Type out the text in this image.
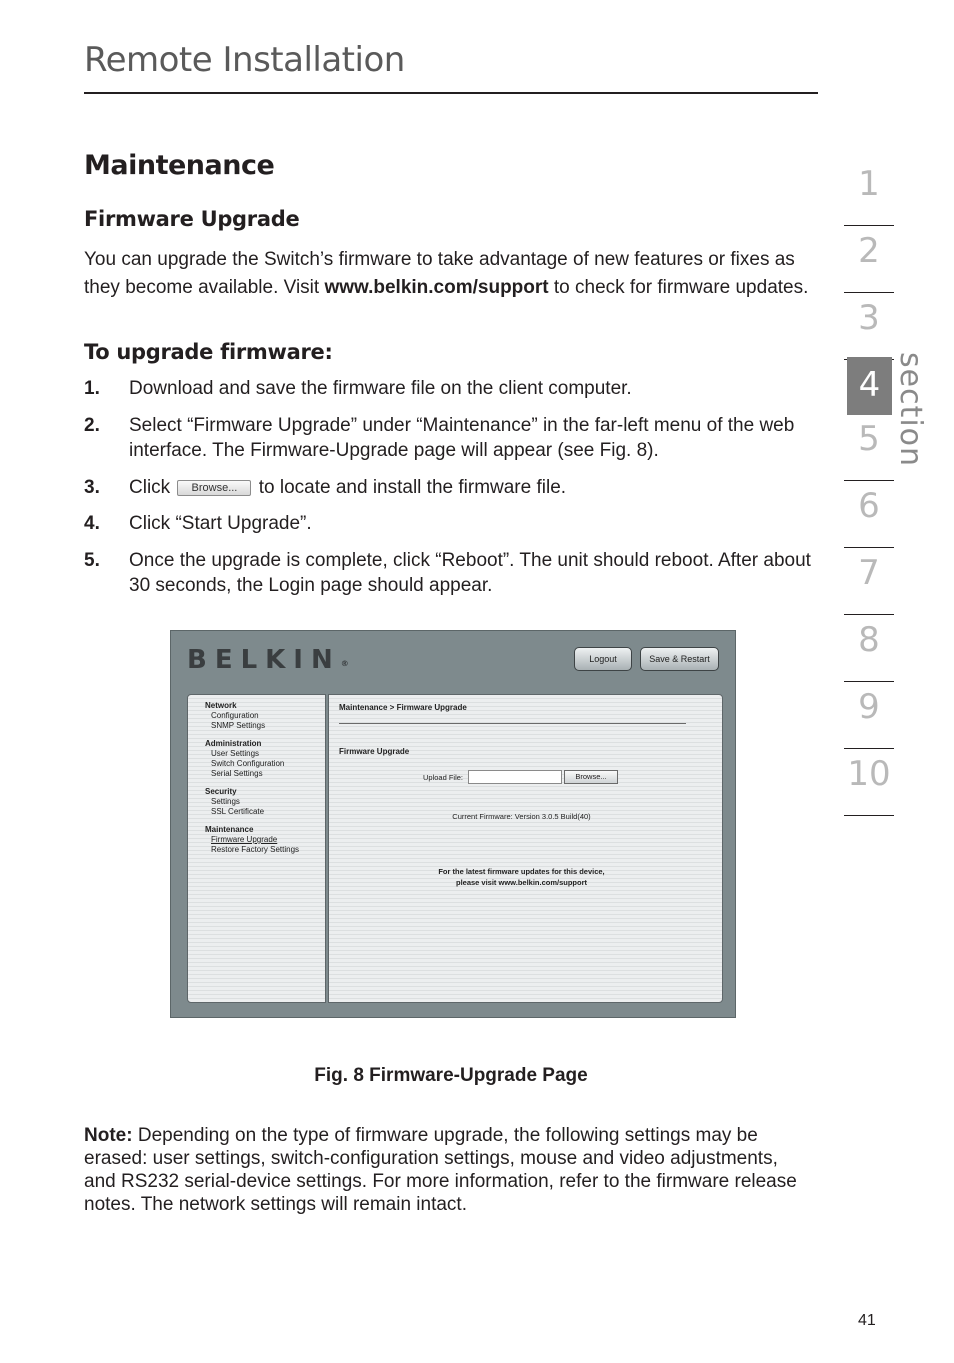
Remote Installation
Maintenance
Firmware Upgrade
You can upgrade the Switch’s firmware to take advantage of new features or fixes as they become available. Visit www.belkin.com/support to check for firmware updates.
To upgrade firmware:
1. Download and save the firmware file on the client computer.
2. Select “Firmware Upgrade” under “Maintenance” in the far-left menu of the web interface. The Firmware-Upgrade page will appear (see Fig. 8).
3. Click Browse... to locate and install the firmware file.
4. Click “Start Upgrade”.
5. Once the upgrade is complete, click “Reboot”. The unit should reboot. After about 30 seconds, the Login page should appear.
1
2
3
4
5
6
7
8
9
10
section
BELKIN®	Logout	Save & Restart
Network
Configuration
SNMP Settings
Administration
User Settings
Switch Configuration
Serial Settings
Security
Settings
SSL Certificate
Maintenance
Firmware Upgrade
Restore Factory Settings
Maintenance > Firmware Upgrade
Firmware Upgrade
Upload File:	Browse...
Current Firmware: Version 3.0.5 Build(40)
For the latest firmware updates for this device,
please visit www.belkin.com/support
Fig. 8 Firmware-Upgrade Page
Note: Depending on the type of firmware upgrade, the following settings may be erased: user settings, switch-configuration settings, mouse and video adjustments, and RS232 serial-device settings. For more information, refer to the firmware release notes. The network settings will remain intact.
41
